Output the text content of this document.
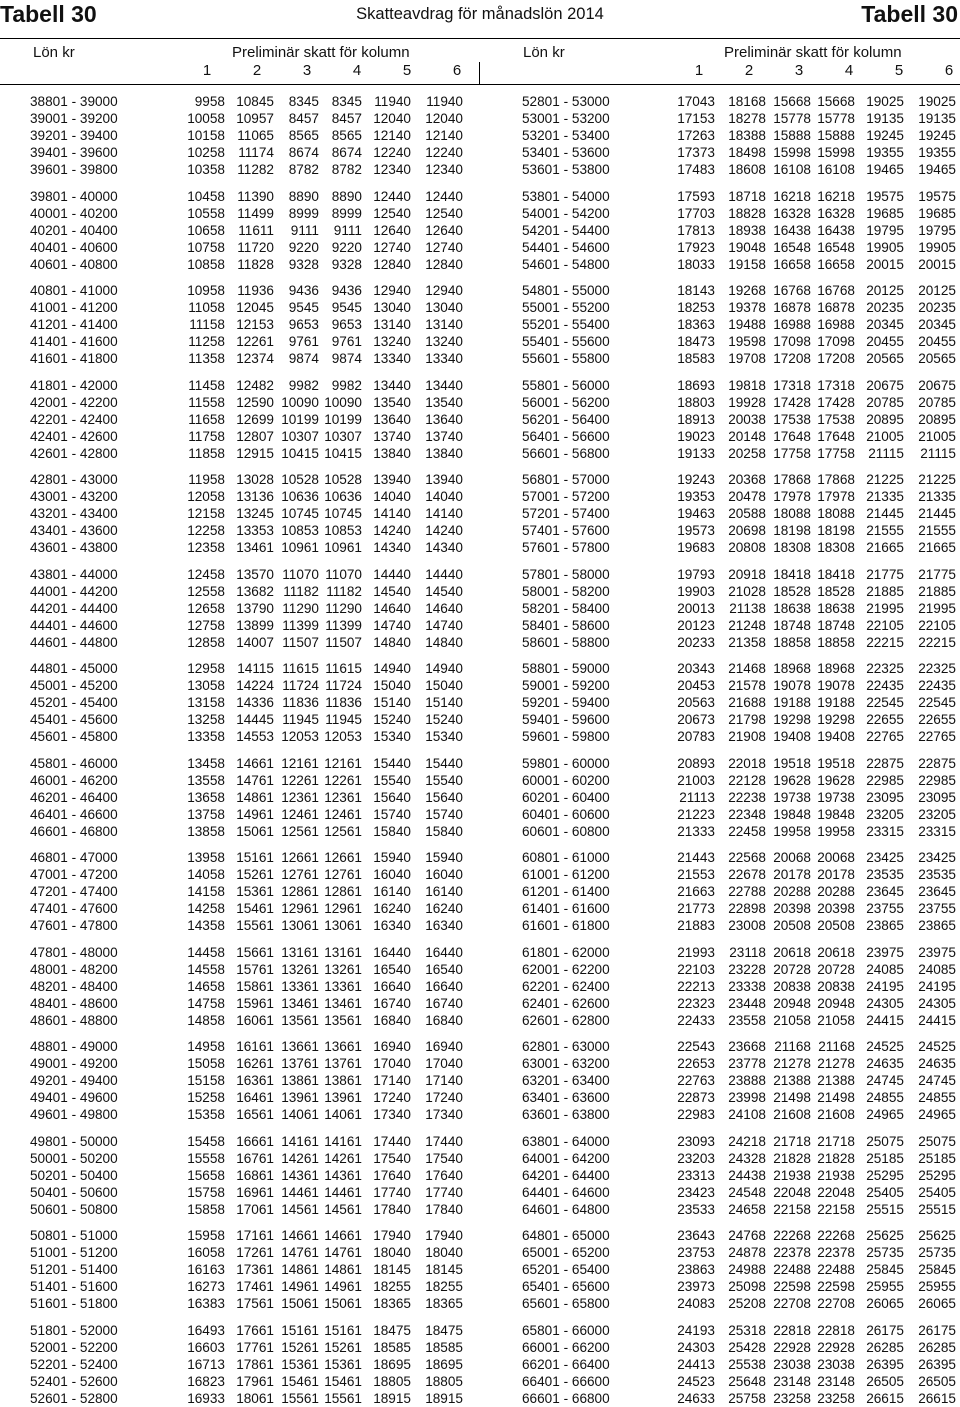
Tabell 30	Skatteavdrag för månadslön 2014	Tabell 30
Lön kr	Preliminär skatt för kolumn
1	2	3	4	5	6
Lön kr	Preliminär skatt för kolumn
1	2	3	4	5	6
38801 - 39000	9958 10845 8345 8345 11940 11940
39001 - 39200	10058 10957 8457 8457 12040 12040
39201 - 39400	10158 11065 8565 8565 12140 12140
39401 - 39600	10258 11174 8674 8674 12240 12240
39601 - 39800	10358 11282 8782 8782 12340 12340
39801 - 40000	10458 11390 8890 8890 12440 12440
40001 - 40200	10558 11499 8999 8999 12540 12540
40201 - 40400	10658 11611 9111 9111 12640 12640
40401 - 40600	10758 11720 9220 9220 12740 12740
40601 - 40800	10858 11828 9328 9328 12840 12840
40801 - 41000	10958 11936 9436 9436 12940 12940
41001 - 41200	11058 12045 9545 9545 13040 13040
41201 - 41400	11158 12153 9653 9653 13140 13140
41401 - 41600	11258 12261 9761 9761 13240 13240
41601 - 41800	11358 12374 9874 9874 13340 13340
41801 - 42000	11458 12482 9982 9982 13440 13440
42001 - 42200	11558 12590 10090 10090 13540 13540
42201 - 42400	11658 12699 10199 10199 13640 13640
42401 - 42600	11758 12807 10307 10307 13740 13740
42601 - 42800	11858 12915 10415 10415 13840 13840
42801 - 43000	11958 13028 10528 10528 13940 13940
43001 - 43200	12058 13136 10636 10636 14040 14040
43201 - 43400	12158 13245 10745 10745 14140 14140
43401 - 43600	12258 13353 10853 10853 14240 14240
43601 - 43800	12358 13461 10961 10961 14340 14340
43801 - 44000	12458 13570 11070 11070 14440 14440
44001 - 44200	12558 13682 11182 11182 14540 14540
44201 - 44400	12658 13790 11290 11290 14640 14640
44401 - 44600	12758 13899 11399 11399 14740 14740
44601 - 44800	12858 14007 11507 11507 14840 14840
44801 - 45000	12958 14115 11615 11615 14940 14940
45001 - 45200	13058 14224 11724 11724 15040 15040
45201 - 45400	13158 14336 11836 11836 15140 15140
45401 - 45600	13258 14445 11945 11945 15240 15240
45601 - 45800	13358 14553 12053 12053 15340 15340
45801 - 46000	13458 14661 12161 12161 15440 15440
46001 - 46200	13558 14761 12261 12261 15540 15540
46201 - 46400	13658 14861 12361 12361 15640 15640
46401 - 46600	13758 14961 12461 12461 15740 15740
46601 - 46800	13858 15061 12561 12561 15840 15840
46801 - 47000	13958 15161 12661 12661 15940 15940
47001 - 47200	14058 15261 12761 12761 16040 16040
47201 - 47400	14158 15361 12861 12861 16140 16140
47401 - 47600	14258 15461 12961 12961 16240 16240
47601 - 47800	14358 15561 13061 13061 16340 16340
47801 - 48000	14458 15661 13161 13161 16440 16440
48001 - 48200	14558 15761 13261 13261 16540 16540
48201 - 48400	14658 15861 13361 13361 16640 16640
48401 - 48600	14758 15961 13461 13461 16740 16740
48601 - 48800	14858 16061 13561 13561 16840 16840
48801 - 49000	14958 16161 13661 13661 16940 16940
49001 - 49200	15058 16261 13761 13761 17040 17040
49201 - 49400	15158 16361 13861 13861 17140 17140
49401 - 49600	15258 16461 13961 13961 17240 17240
49601 - 49800	15358 16561 14061 14061 17340 17340
49801 - 50000	15458 16661 14161 14161 17440 17440
50001 - 50200	15558 16761 14261 14261 17540 17540
50201 - 50400	15658 16861 14361 14361 17640 17640
50401 - 50600	15758 16961 14461 14461 17740 17740
50601 - 50800	15858 17061 14561 14561 17840 17840
50801 - 51000	15958 17161 14661 14661 17940 17940
51001 - 51200	16058 17261 14761 14761 18040 18040
51201 - 51400	16163 17361 14861 14861 18145 18145
51401 - 51600	16273 17461 14961 14961 18255 18255
51601 - 51800	16383 17561 15061 15061 18365 18365
51801 - 52000	16493 17661 15161 15161 18475 18475
52001 - 52200	16603 17761 15261 15261 18585 18585
52201 - 52400	16713 17861 15361 15361 18695 18695
52401 - 52600	16823 17961 15461 15461 18805 18805
52601 - 52800	16933 18061 15561 15561 18915 18915
52801 - 53000	17043 18168 15668 15668 19025 19025
53001 - 53200	17153 18278 15778 15778 19135 19135
53201 - 53400	17263 18388 15888 15888 19245 19245
53401 - 53600	17373 18498 15998 15998 19355 19355
53601 - 53800	17483 18608 16108 16108 19465 19465
53801 - 54000	17593 18718 16218 16218 19575 19575
54001 - 54200	17703 18828 16328 16328 19685 19685
54201 - 54400	17813 18938 16438 16438 19795 19795
54401 - 54600	17923 19048 16548 16548 19905 19905
54601 - 54800	18033 19158 16658 16658 20015 20015
54801 - 55000	18143 19268 16768 16768 20125 20125
55001 - 55200	18253 19378 16878 16878 20235 20235
55201 - 55400	18363 19488 16988 16988 20345 20345
55401 - 55600	18473 19598 17098 17098 20455 20455
55601 - 55800	18583 19708 17208 17208 20565 20565
55801 - 56000	18693 19818 17318 17318 20675 20675
56001 - 56200	18803 19928 17428 17428 20785 20785
56201 - 56400	18913 20038 17538 17538 20895 20895
56401 - 56600	19023 20148 17648 17648 21005 21005
56601 - 56800	19133 20258 17758 17758 21115 21115
56801 - 57000	19243 20368 17868 17868 21225 21225
57001 - 57200	19353 20478 17978 17978 21335 21335
57201 - 57400	19463 20588 18088 18088 21445 21445
57401 - 57600	19573 20698 18198 18198 21555 21555
57601 - 57800	19683 20808 18308 18308 21665 21665
57801 - 58000	19793 20918 18418 18418 21775 21775
58001 - 58200	19903 21028 18528 18528 21885 21885
58201 - 58400	20013 21138 18638 18638 21995 21995
58401 - 58600	20123 21248 18748 18748 22105 22105
58601 - 58800	20233 21358 18858 18858 22215 22215
58801 - 59000	20343 21468 18968 18968 22325 22325
59001 - 59200	20453 21578 19078 19078 22435 22435
59201 - 59400	20563 21688 19188 19188 22545 22545
59401 - 59600	20673 21798 19298 19298 22655 22655
59601 - 59800	20783 21908 19408 19408 22765 22765
59801 - 60000	20893 22018 19518 19518 22875 22875
60001 - 60200	21003 22128 19628 19628 22985 22985
60201 - 60400	21113 22238 19738 19738 23095 23095
60401 - 60600	21223 22348 19848 19848 23205 23205
60601 - 60800	21333 22458 19958 19958 23315 23315
60801 - 61000	21443 22568 20068 20068 23425 23425
61001 - 61200	21553 22678 20178 20178 23535 23535
61201 - 61400	21663 22788 20288 20288 23645 23645
61401 - 61600	21773 22898 20398 20398 23755 23755
61601 - 61800	21883 23008 20508 20508 23865 23865
61801 - 62000	21993 23118 20618 20618 23975 23975
62001 - 62200	22103 23228 20728 20728 24085 24085
62201 - 62400	22213 23338 20838 20838 24195 24195
62401 - 62600	22323 23448 20948 20948 24305 24305
62601 - 62800	22433 23558 21058 21058 24415 24415
62801 - 63000	22543 23668 21168 21168 24525 24525
63001 - 63200	22653 23778 21278 21278 24635 24635
63201 - 63400	22763 23888 21388 21388 24745 24745
63401 - 63600	22873 23998 21498 21498 24855 24855
63601 - 63800	22983 24108 21608 21608 24965 24965
63801 - 64000	23093 24218 21718 21718 25075 25075
64001 - 64200	23203 24328 21828 21828 25185 25185
64201 - 64400	23313 24438 21938 21938 25295 25295
64401 - 64600	23423 24548 22048 22048 25405 25405
64601 - 64800	23533 24658 22158 22158 25515 25515
64801 - 65000	23643 24768 22268 22268 25625 25625
65001 - 65200	23753 24878 22378 22378 25735 25735
65201 - 65400	23863 24988 22488 22488 25845 25845
65401 - 65600	23973 25098 22598 22598 25955 25955
65601 - 65800	24083 25208 22708 22708 26065 26065
65801 - 66000	24193 25318 22818 22818 26175 26175
66001 - 66200	24303 25428 22928 22928 26285 26285
66201 - 66400	24413 25538 23038 23038 26395 26395
66401 - 66600	24523 25648 23148 23148 26505 26505
66601 - 66800	24633 25758 23258 23258 26615 26615
